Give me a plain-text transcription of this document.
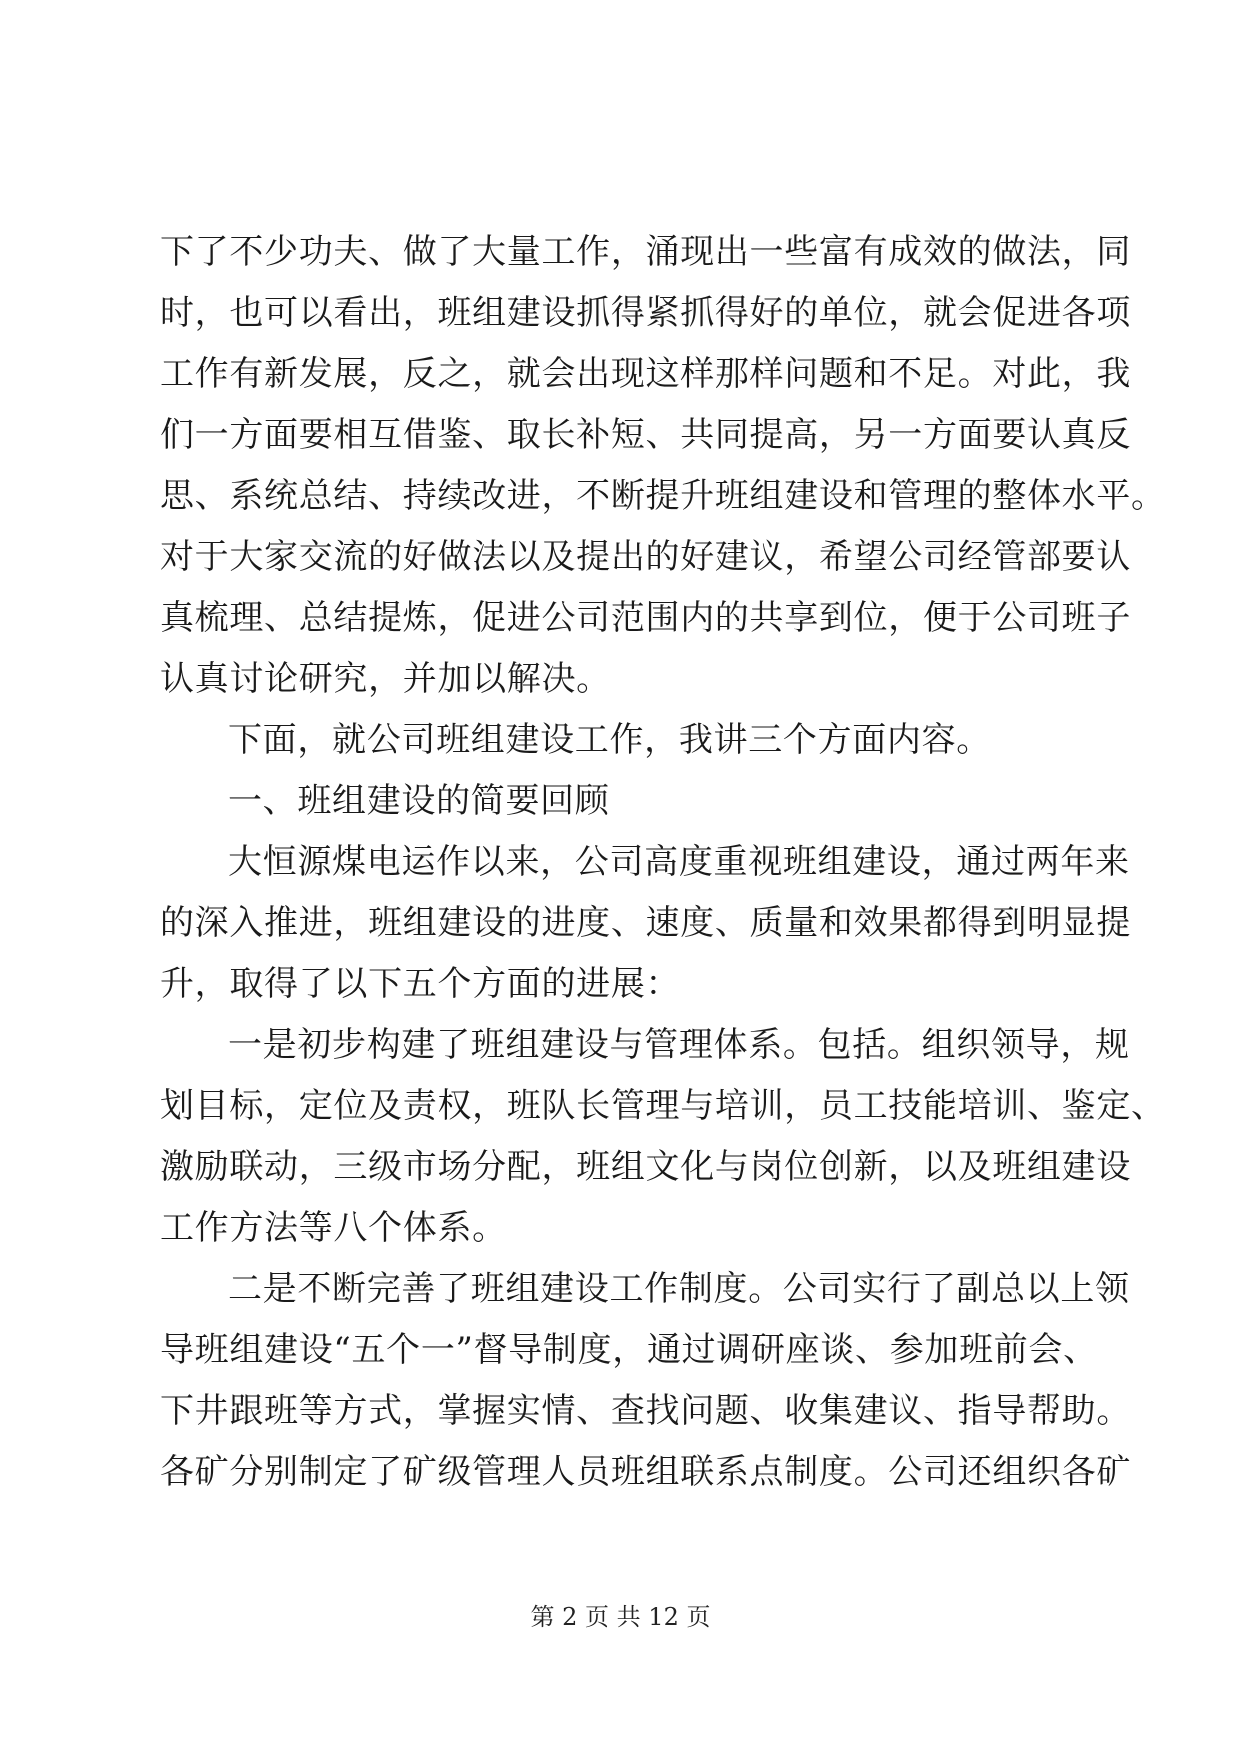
下了不少功夫、做了大量工作，涌现出一些富有成效的做法，同
时，也可以看出，班组建设抓得紧抓得好的单位，就会促进各项
工作有新发展，反之，就会出现这样那样问题和不足。对此，我
们一方面要相互借鉴、取长补短、共同提高，另一方面要认真反
思、系统总结、持续改进，不断提升班组建设和管理的整体水平。
对于大家交流的好做法以及提出的好建议，希望公司经管部要认
真梳理、总结提炼，促进公司范围内的共享到位，便于公司班子
认真讨论研究，并加以解决。
下面，就公司班组建设工作，我讲三个方面内容。
一、班组建设的简要回顾
大恒源煤电运作以来，公司高度重视班组建设，通过两年来
的深入推进，班组建设的进度、速度、质量和效果都得到明显提
升，取得了以下五个方面的进展：
一是初步构建了班组建设与管理体系。包括。组织领导，规
划目标，定位及责权，班队长管理与培训，员工技能培训、鉴定、
激励联动，三级市场分配，班组文化与岗位创新，以及班组建设
工作方法等八个体系。
二是不断完善了班组建设工作制度。公司实行了副总以上领
导班组建设“五个一”督导制度，通过调研座谈、参加班前会、
下井跟班等方式，掌握实情、查找问题、收集建议、指导帮助。
各矿分别制定了矿级管理人员班组联系点制度。公司还组织各矿
第 2 页 共 12 页
